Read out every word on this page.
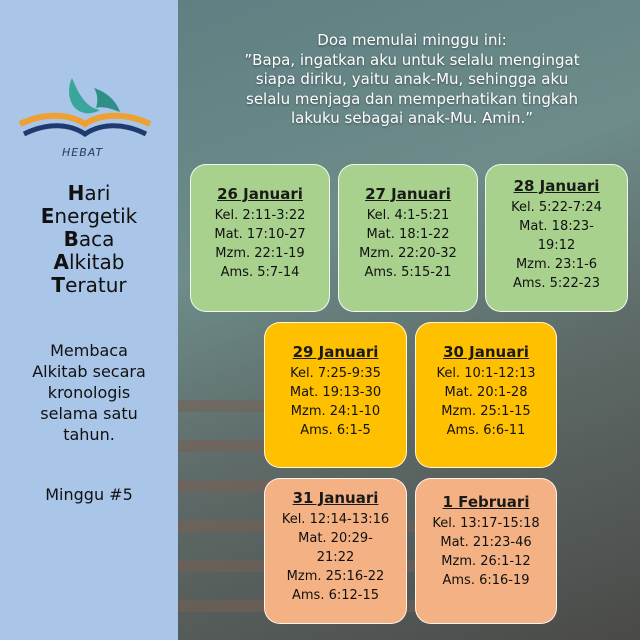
HEBAT
Hari
Energetik
Baca
Alkitab
Teratur
Membaca
Alkitab secara
kronologis
selama satu
tahun.
Minggu #5
Doa memulai minggu ini:
”Bapa, ingatkan aku untuk selalu mengingat
siapa diriku, yaitu anak-Mu, sehingga aku
selalu menjaga dan memperhatikan tingkah
lakuku sebagai anak-Mu. Amin.”
26 Januari
Kel. 2:11-3:22
Mat. 17:10-27
Mzm. 22:1-19
Ams. 5:7-14
27 Januari
Kel. 4:1-5:21
Mat. 18:1-22
Mzm. 22:20-32
Ams. 5:15-21
28 Januari
Kel. 5:22-7:24
Mat. 18:23-
19:12
Mzm. 23:1-6
Ams. 5:22-23
29 Januari
Kel. 7:25-9:35
Mat. 19:13-30
Mzm. 24:1-10
Ams. 6:1-5
30 Januari
Kel. 10:1-12:13
Mat. 20:1-28
Mzm. 25:1-15
Ams. 6:6-11
31 Januari
Kel. 12:14-13:16
Mat. 20:29-
21:22
Mzm. 25:16-22
Ams. 6:12-15
1 Februari
Kel. 13:17-15:18
Mat. 21:23-46
Mzm. 26:1-12
Ams. 6:16-19
